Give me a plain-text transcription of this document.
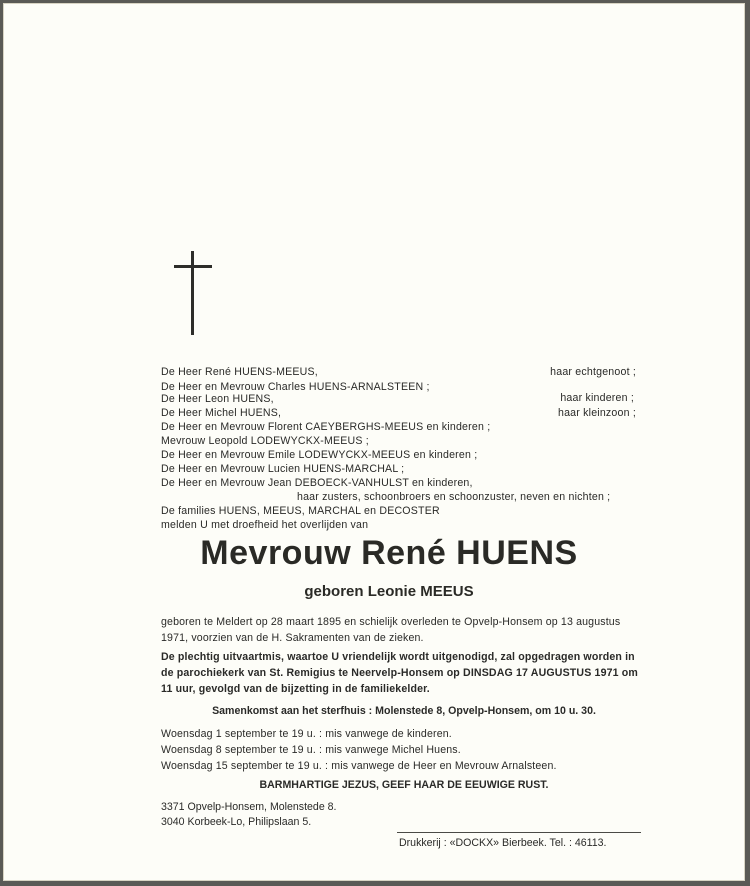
De Heer René HUENS-MEEUS,
De Heer en Mevrouw Charles HUENS-ARNALSTEEN ;
De Heer Leon HUENS,
De Heer Michel HUENS,
De Heer en Mevrouw Florent CAEYBERGHS-MEEUS en kinderen ;
Mevrouw Leopold LODEWYCKX-MEEUS ;
De Heer en Mevrouw Emile LODEWYCKX-MEEUS en kinderen ;
De Heer en Mevrouw Lucien HUENS-MARCHAL ;
De Heer en Mevrouw Jean DEBOECK-VANHULST en kinderen,
haar zusters, schoonbroers en schoonzuster, neven en nichten ;
De families HUENS, MEEUS, MARCHAL en DECOSTER
melden U met droefheid het overlijden van
haar echtgenoot ;
haar kinderen ;
haar kleinzoon ;
Mevrouw René HUENS
geboren Leonie MEEUS
geboren te Meldert op 28 maart 1895 en schielijk overleden te Opvelp-Honsem op 13 augustus 1971, voorzien van de H. Sakramenten van de zieken.
De plechtig uitvaartmis, waartoe U vriendelijk wordt uitgenodigd, zal opgedragen worden in de parochiekerk van St. Remigius te Neervelp-Honsem op DINSDAG 17 AUGUSTUS 1971 om 11 uur, gevolgd van de bijzetting in de familiekelder.
Samenkomst aan het sterfhuis : Molenstede 8, Opvelp-Honsem, om 10 u. 30.
Woensdag 1 september te 19 u. : mis vanwege de kinderen.
Woensdag 8 september te 19 u. : mis vanwege Michel Huens.
Woensdag 15 september te 19 u. : mis vanwege de Heer en Mevrouw Arnalsteen.
BARMHARTIGE JEZUS, GEEF HAAR DE EEUWIGE RUST.
3371 Opvelp-Honsem, Molenstede 8.
3040 Korbeek-Lo, Philipslaan 5.
Drukkerij : «DOCKX» Bierbeek. Tel. : 46113.
